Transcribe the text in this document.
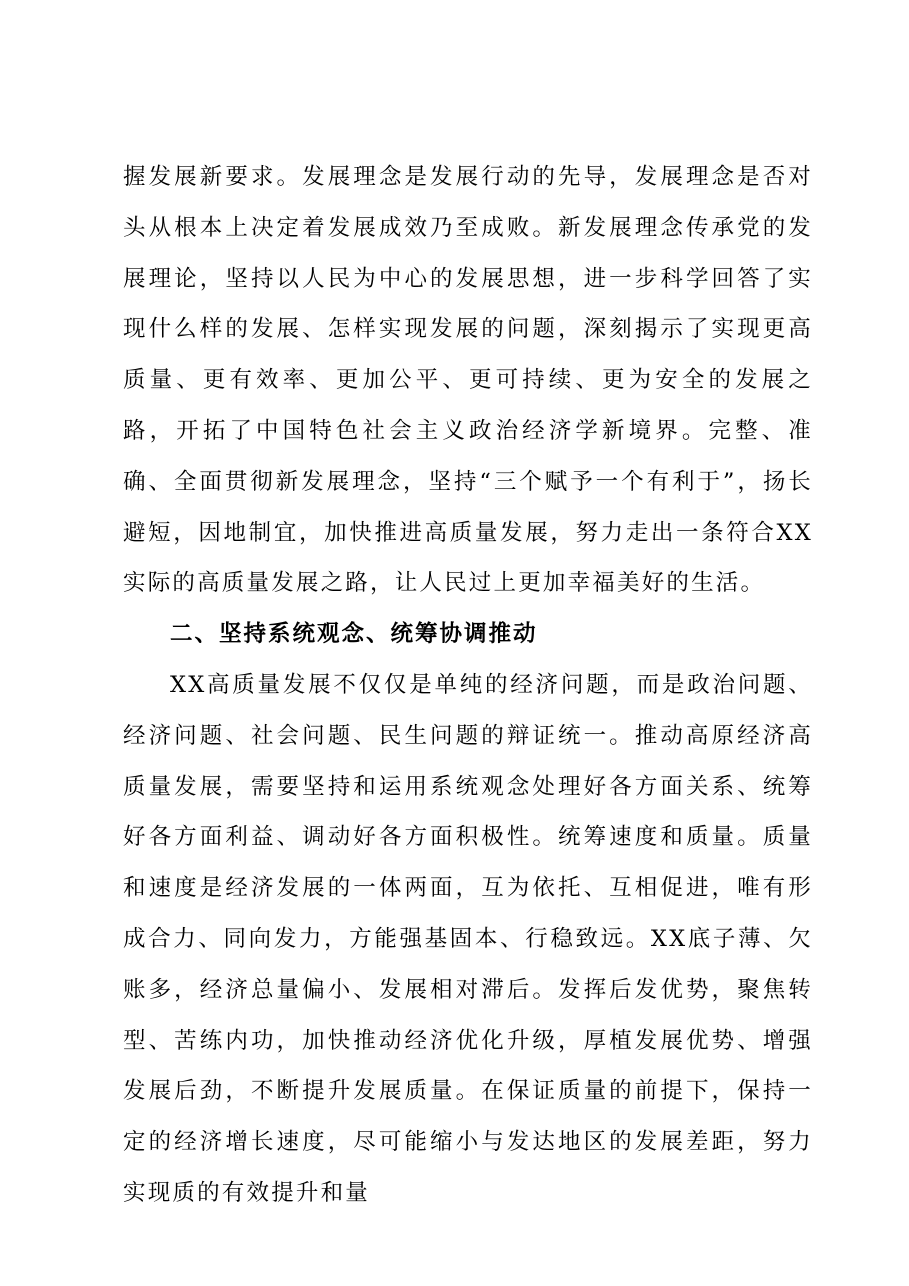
握发展新要求。发展理念是发展行动的先导，发展理念是否对头从根本上决定着发展成效乃至成败。新发展理念传承党的发展理论，坚持以人民为中心的发展思想，进一步科学回答了实现什么样的发展、怎样实现发展的问题，深刻揭示了实现更高质量、更有效率、更加公平、更可持续、更为安全的发展之路，开拓了中国特色社会主义政治经济学新境界。完整、准确、全面贯彻新发展理念，坚持“三个赋予一个有利于”，扬长避短，因地制宜，加快推进高质量发展，努力走出一条符合XX实际的高质量发展之路，让人民过上更加幸福美好的生活。

二、坚持系统观念、统筹协调推动

XX高质量发展不仅仅是单纯的经济问题，而是政治问题、经济问题、社会问题、民生问题的辩证统一。推动高原经济高质量发展，需要坚持和运用系统观念处理好各方面关系、统筹好各方面利益、调动好各方面积极性。统筹速度和质量。质量和速度是经济发展的一体两面，互为依托、互相促进，唯有形成合力、同向发力，方能强基固本、行稳致远。XX底子薄、欠账多，经济总量偏小、发展相对滞后。发挥后发优势，聚焦转型、苦练内功，加快推动经济优化升级，厚植发展优势、增强发展后劲，不断提升发展质量。在保证质量的前提下，保持一定的经济增长速度，尽可能缩小与发达地区的发展差距，努力实现质的有效提升和量
